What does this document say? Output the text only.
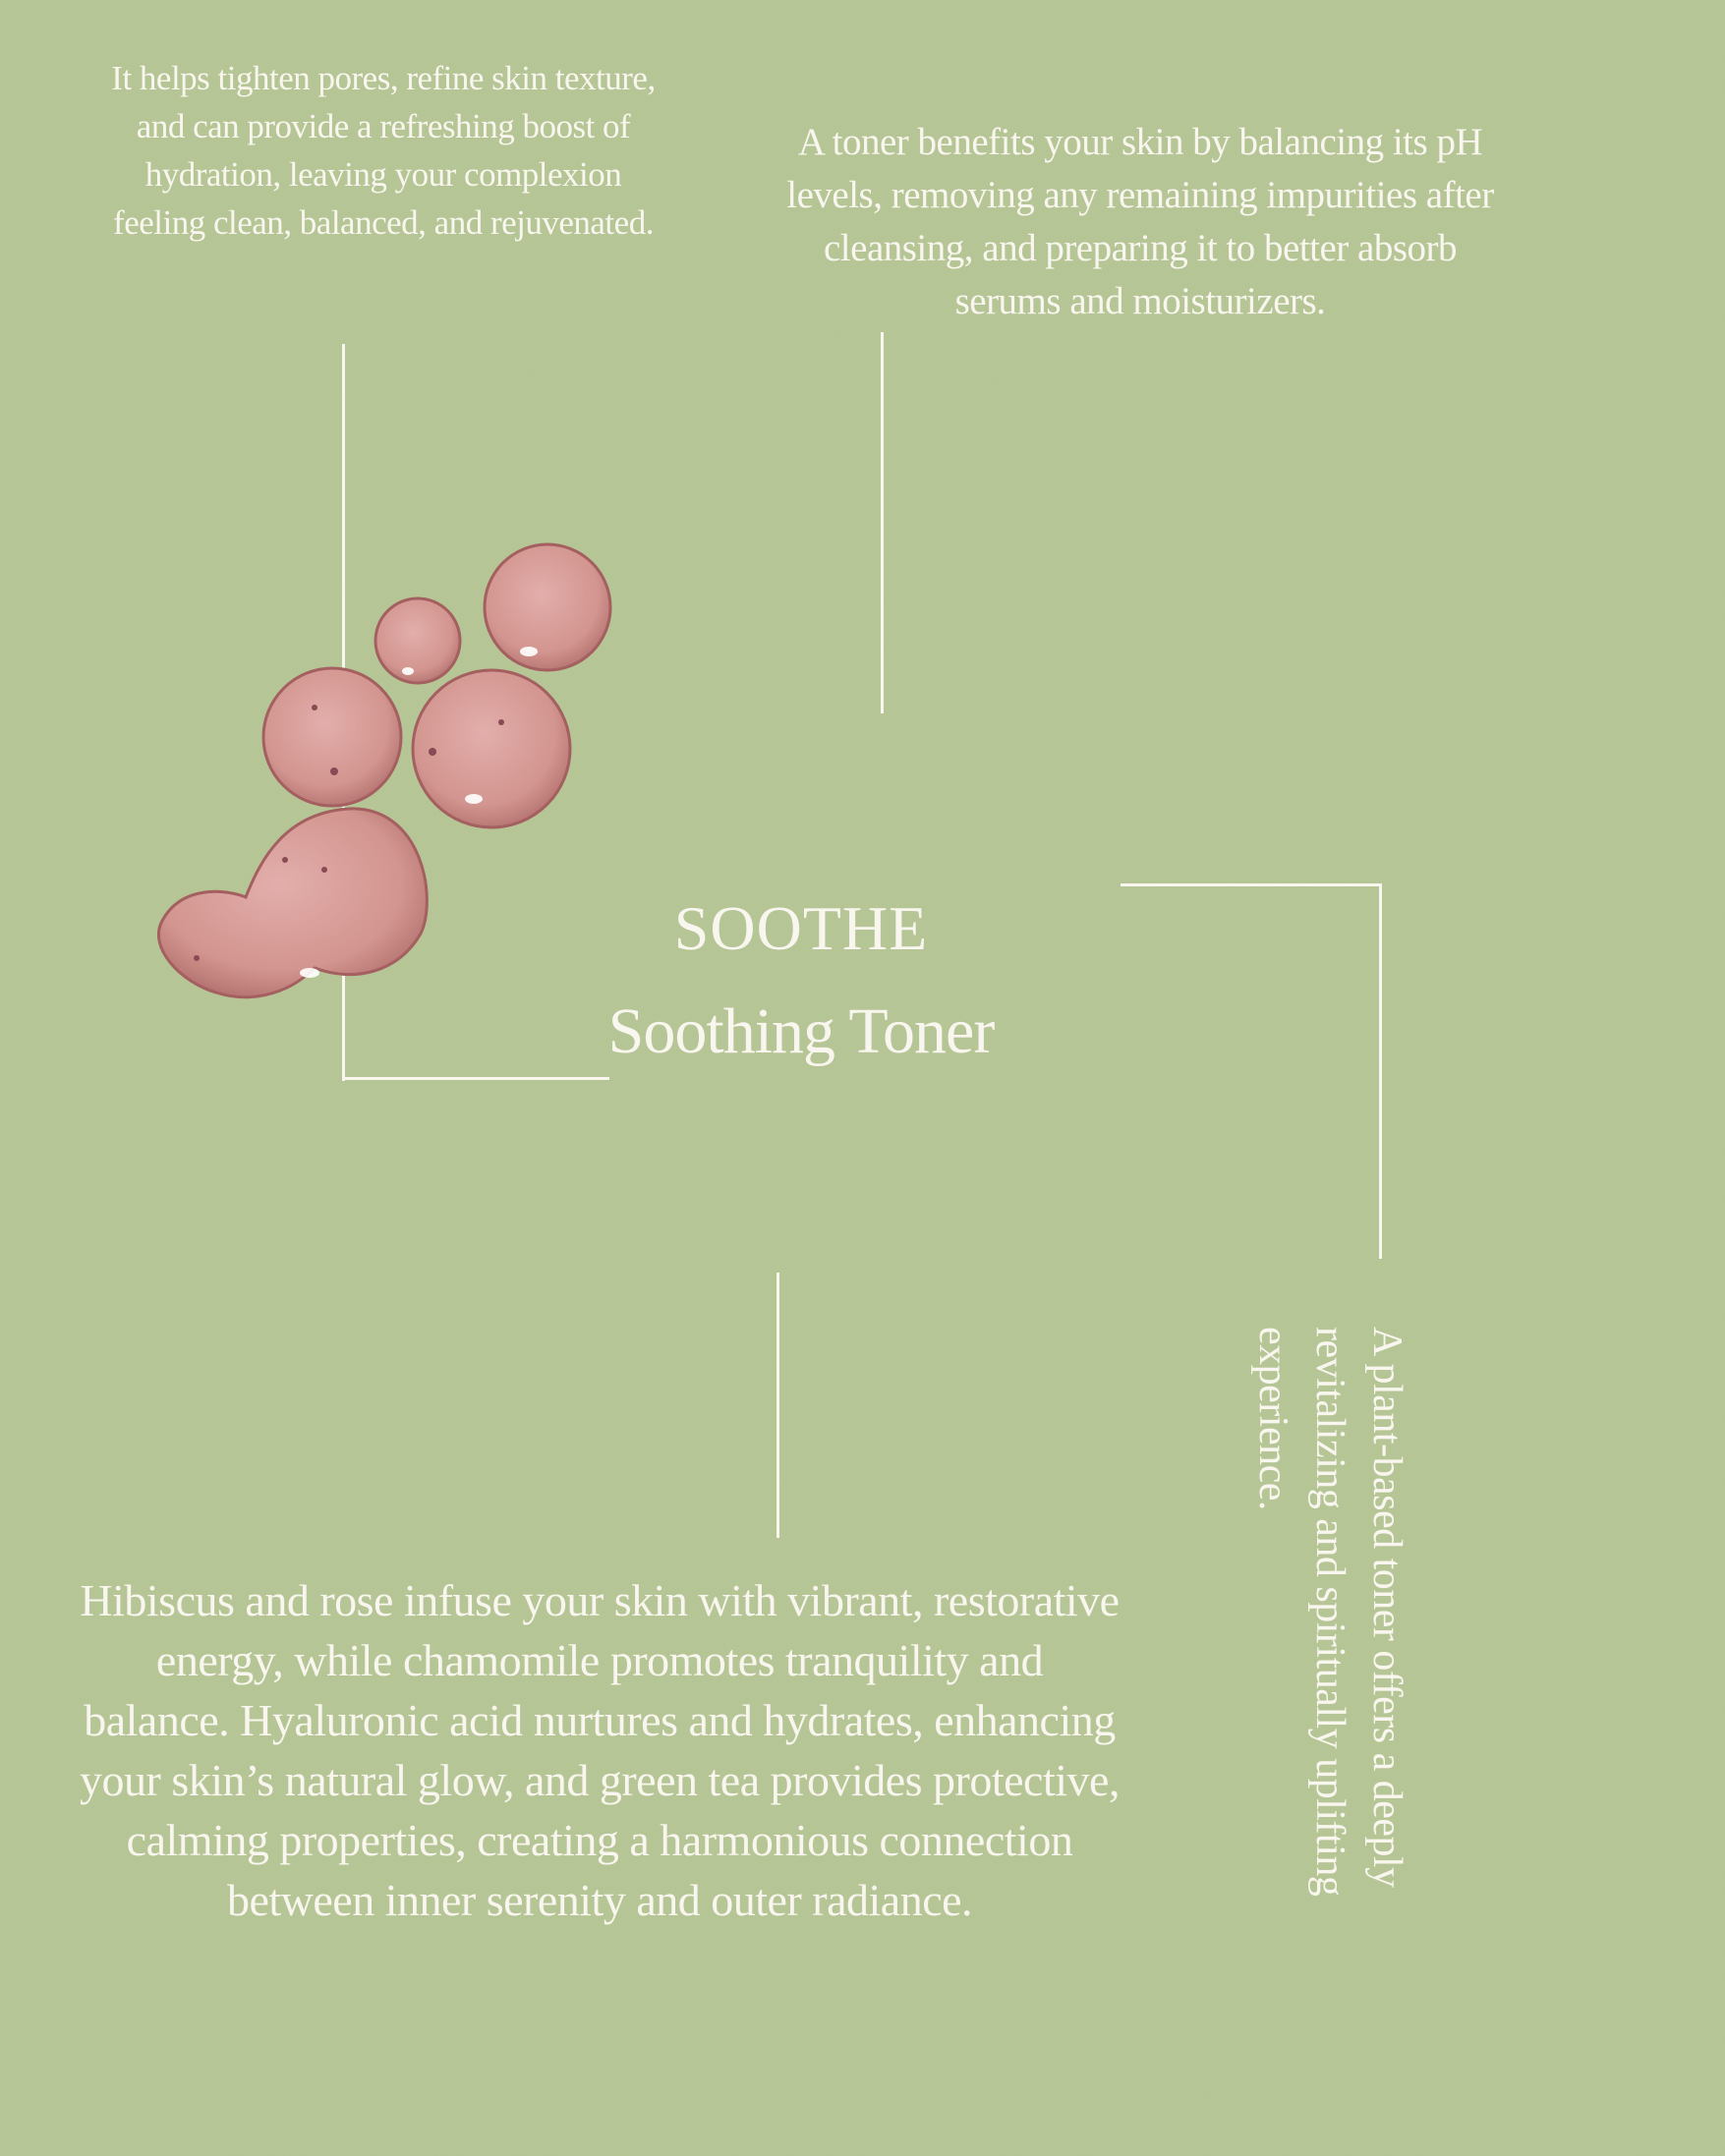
It helps tighten pores, refine skin texture, and can provide a refreshing boost of hydration, leaving your complexion feeling clean, balanced, and rejuvenated.

A toner benefits your skin by balancing its pH levels, removing any remaining impurities after cleansing, and preparing it to better absorb serums and moisturizers.

SOOTHE

Soothing Toner

A plant-based toner offers a deeply revitalizing and spiritually uplifting experience.

Hibiscus and rose infuse your skin with vibrant, restorative energy, while chamomile promotes tranquility and balance. Hyaluronic acid nurtures and hydrates, enhancing your skin’s natural glow, and green tea provides protective, calming properties, creating a harmonious connection between inner serenity and outer radiance.
